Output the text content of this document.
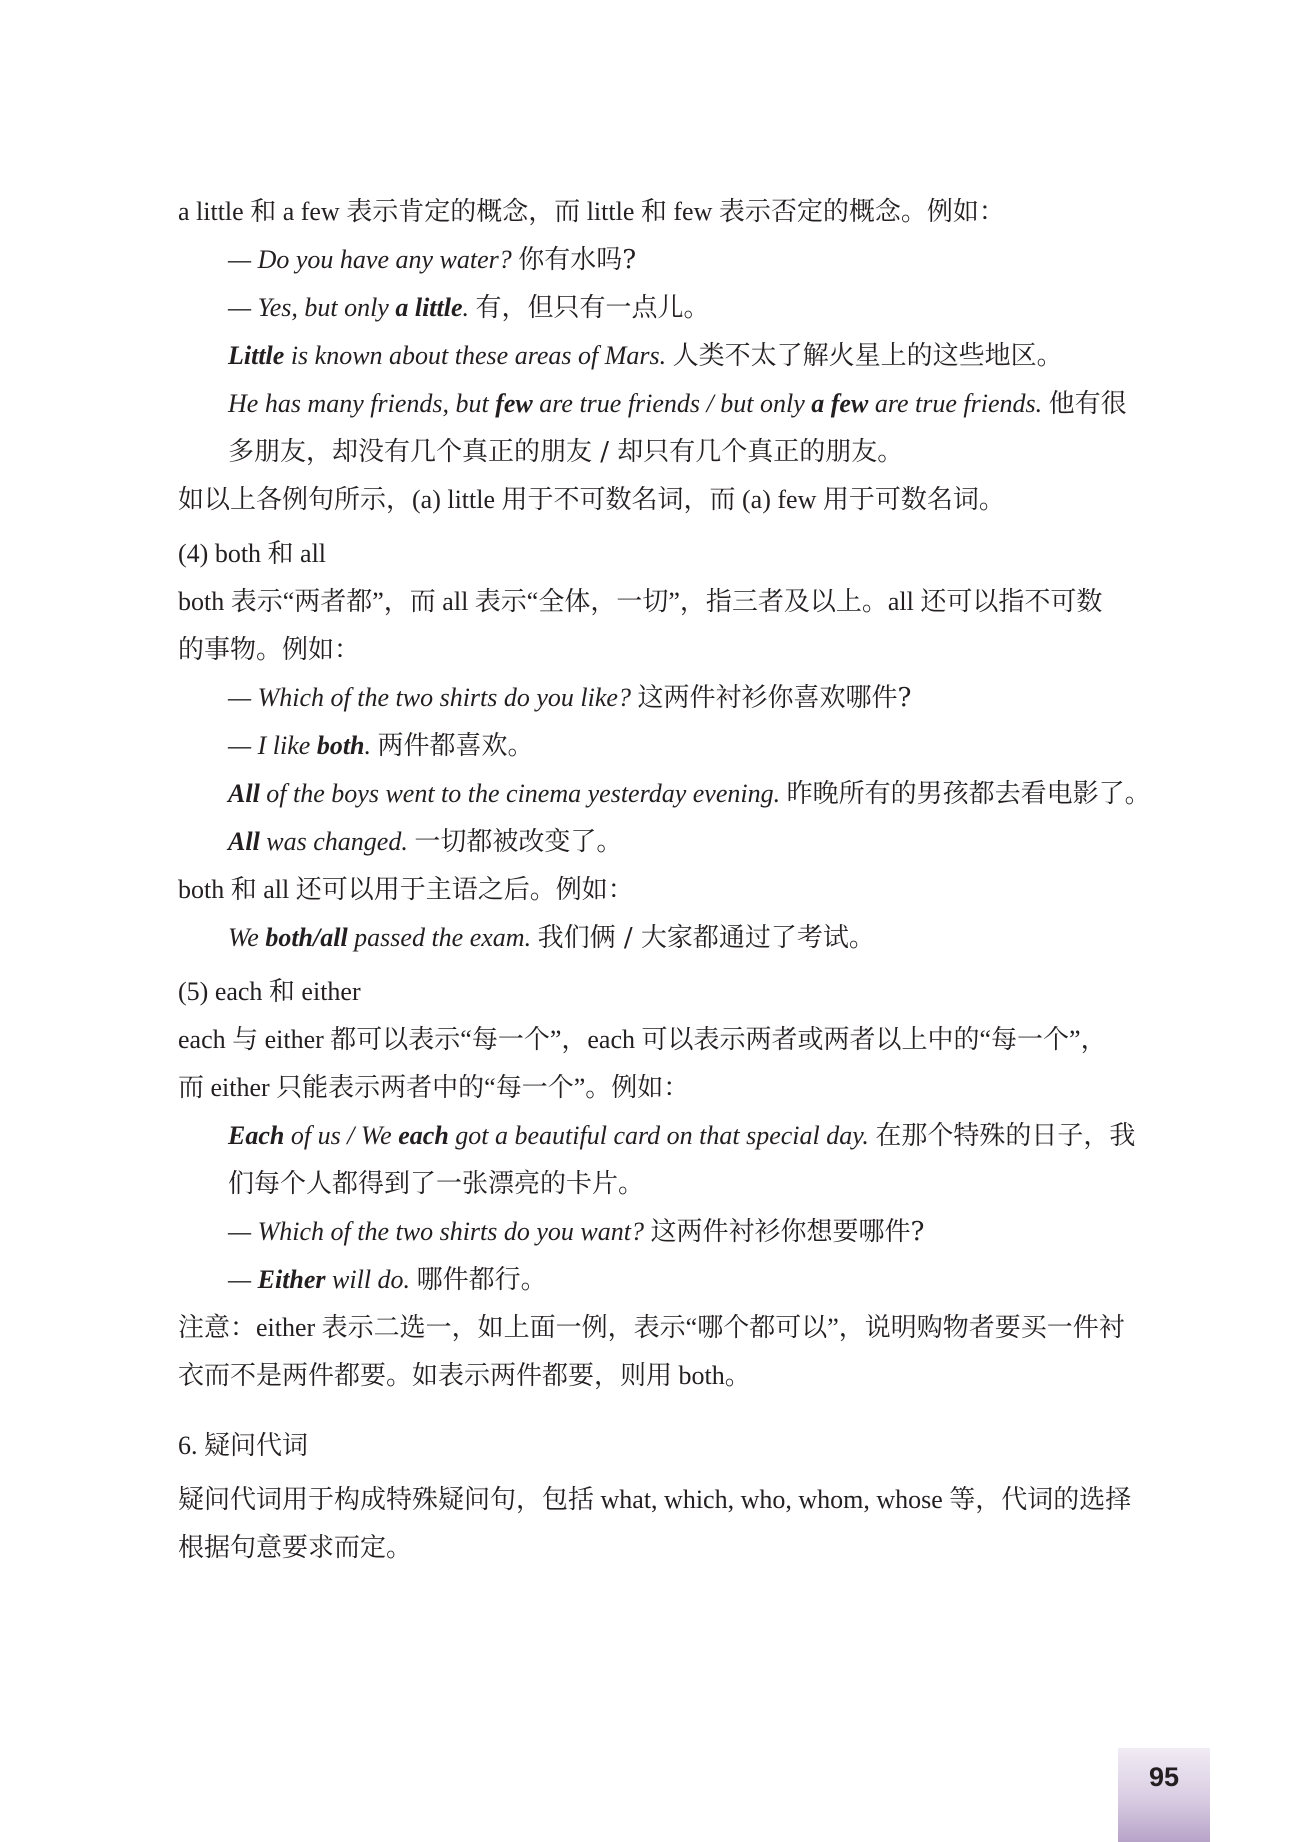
a little 和 a few 表示肯定的概念，而 little 和 few 表示否定的概念。例如：

— Do you have any water? 你有水吗?

— Yes, but only a little. 有，但只有一点儿。

Little is known about these areas of Mars. 人类不太了解火星上的这些地区。

He has many friends, but few are true friends / but only a few are true friends. 他有很

多朋友，却没有几个真正的朋友 / 却只有几个真正的朋友。

如以上各例句所示，(a) little 用于不可数名词，而 (a) few 用于可数名词。

(4) both 和 all

both 表示“两者都”，而 all 表示“全体，一切”，指三者及以上。all 还可以指不可数

的事物。例如：

— Which of the two shirts do you like? 这两件衬衫你喜欢哪件?

— I like both. 两件都喜欢。

All of the boys went to the cinema yesterday evening. 昨晚所有的男孩都去看电影了。

All was changed. 一切都被改变了。

both 和 all 还可以用于主语之后。例如：

We both/all passed the exam. 我们俩 / 大家都通过了考试。

(5) each 和 either

each 与 either 都可以表示“每一个”，each 可以表示两者或两者以上中的“每一个”，

而 either 只能表示两者中的“每一个”。例如：

Each of us / We each got a beautiful card on that special day. 在那个特殊的日子，我

们每个人都得到了一张漂亮的卡片。

— Which of the two shirts do you want? 这两件衬衫你想要哪件?

— Either will do. 哪件都行。

注意：either 表示二选一，如上面一例，表示“哪个都可以”，说明购物者要买一件衬

衣而不是两件都要。如表示两件都要，则用 both。

6. 疑问代词

疑问代词用于构成特殊疑问句，包括 what, which, who, whom, whose 等，代词的选择

根据句意要求而定。

95
